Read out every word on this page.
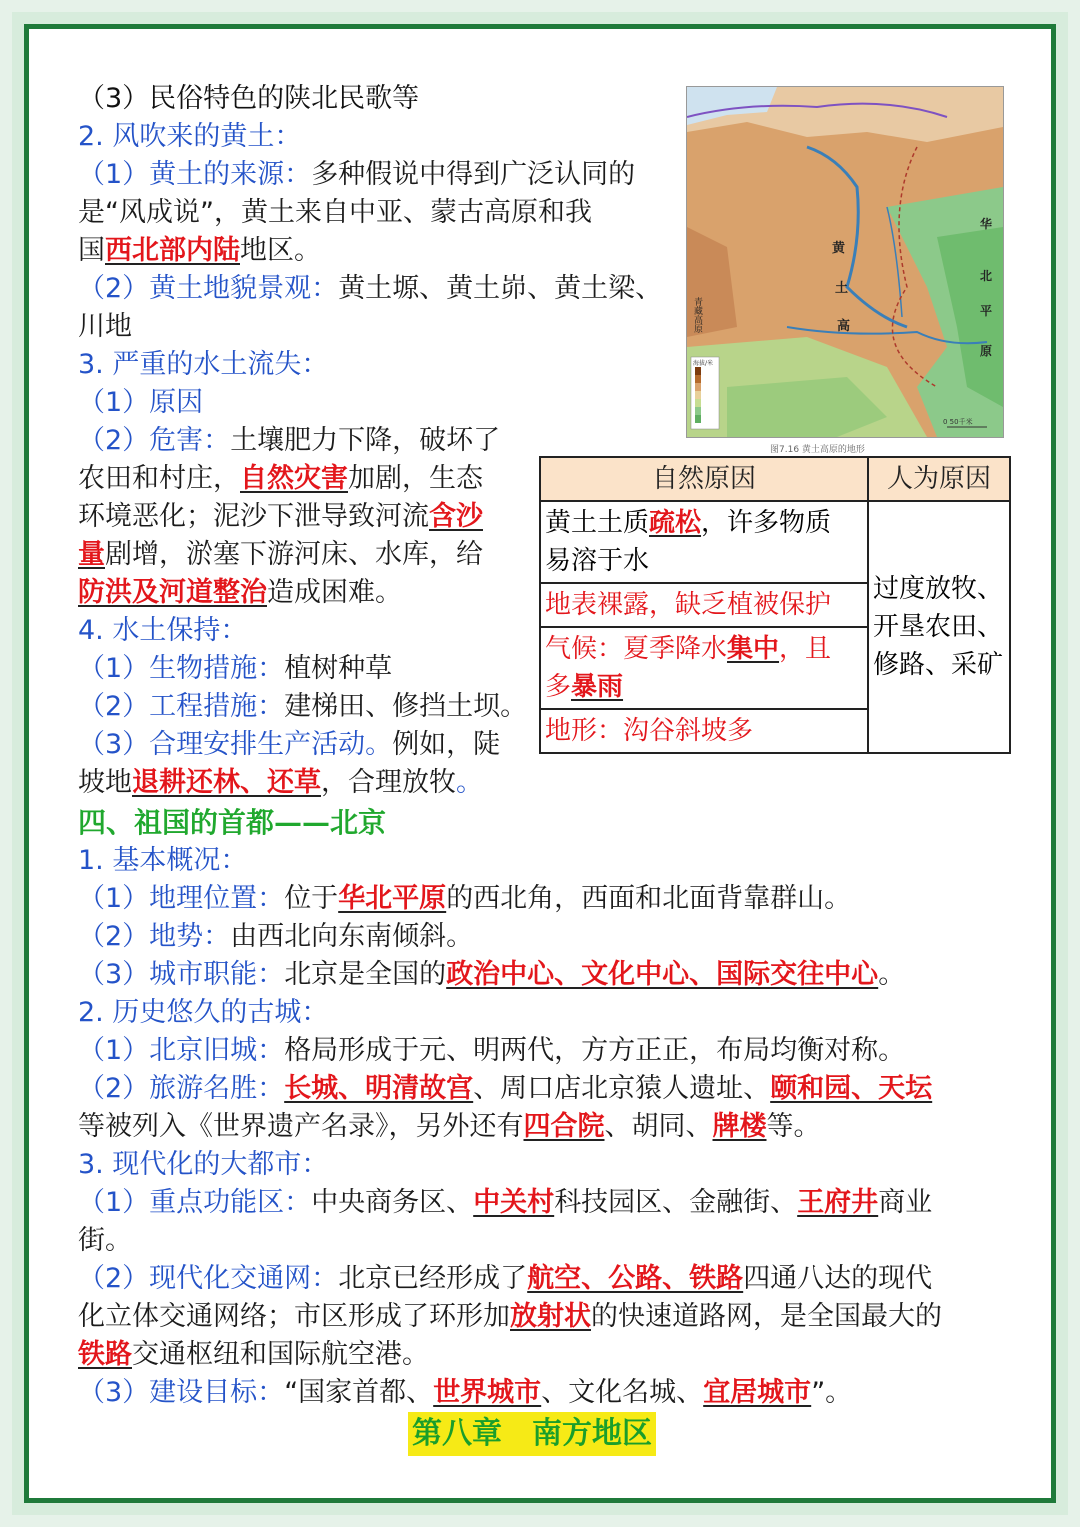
（3）民俗特色的陕北民歌等
2. 风吹来的黄土：
（1）黄土的来源：多种假说中得到广泛认同的
是“风成说”，黄土来自中亚、蒙古高原和我
国西北部内陆地区。
（2）黄土地貌景观：黄土塬、黄土峁、黄土梁、
川地
3. 严重的水土流失：
（1）原因
（2）危害：土壤肥力下降，破坏了
农田和村庄，自然灾害加剧，生态
环境恶化；泥沙下泄导致河流含沙
量剧增，淤塞下游河床、水库，给
防洪及河道整治造成困难。
4. 水土保持：
（1）生物措施：植树种草
（2）工程措施：建梯田、修挡土坝。
（3）合理安排生产活动。例如，陡
坡地退耕还林、还草，合理放牧。
海拔/米
0 50千米
华
北
平
原
黄
土
高
青藏高原
图7.16 黄土高原的地形
自然原因	人为原因
黄土土质疏松，许多物质
易溶于水	过度放牧、
开垦农田、
修路、采矿
地表裸露，缺乏植被保护	
气候：夏季降水集中，且
多暴雨	
地形：沟谷斜坡多	
四、祖国的首都——北京
1. 基本概况：
（1）地理位置：位于华北平原的西北角，西面和北面背靠群山。
（2）地势：由西北向东南倾斜。
（3）城市职能：北京是全国的政治中心、文化中心、国际交往中心。
2. 历史悠久的古城：
（1）北京旧城：格局形成于元、明两代，方方正正，布局均衡对称。
（2）旅游名胜：长城、明清故宫、周口店北京猿人遗址、颐和园、天坛
等被列入《世界遗产名录》，另外还有四合院、胡同、牌楼等。
3. 现代化的大都市：
（1）重点功能区：中央商务区、中关村科技园区、金融街、王府井商业
街。
（2）现代化交通网：北京已经形成了航空、公路、铁路四通八达的现代
化立体交通网络；市区形成了环形加放射状的快速道路网，是全国最大的
铁路交通枢纽和国际航空港。
（3）建设目标：“国家首都、世界城市、文化名城、宜居城市”。
第八章　南方地区
